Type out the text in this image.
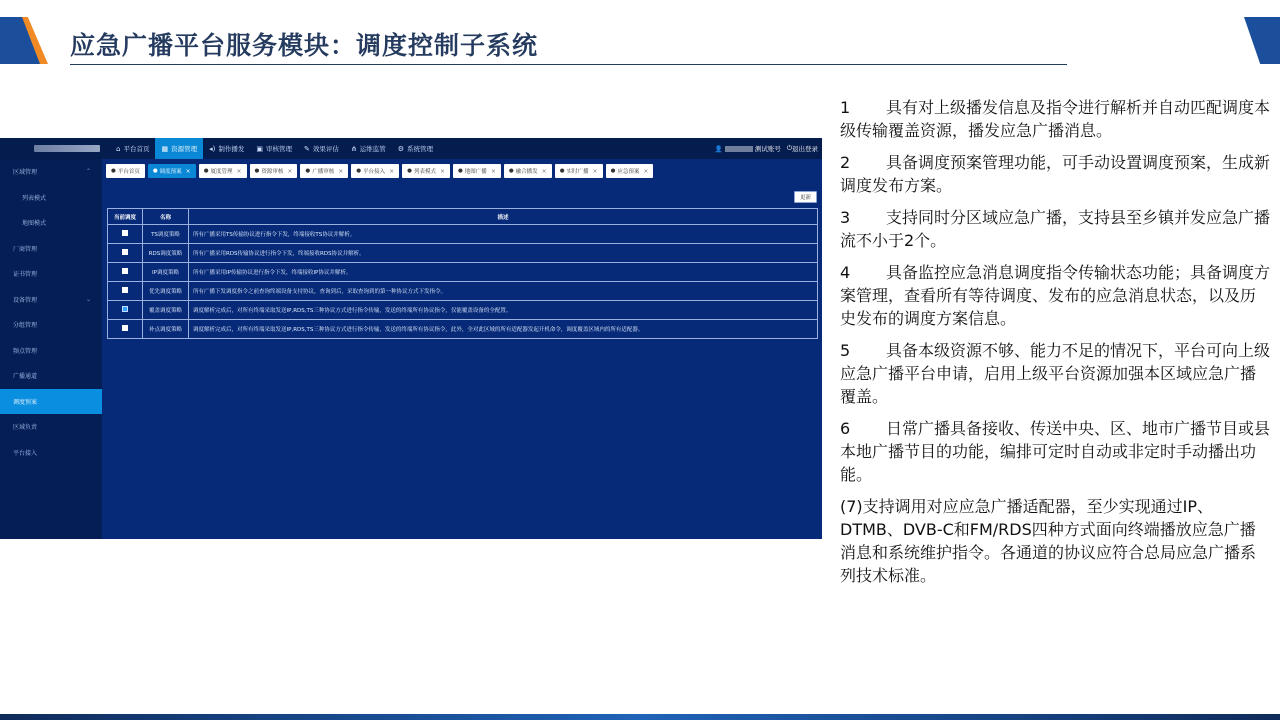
应急广播平台服务模块：调度控制子系统
⌂ 平台首页 ▦ 资源管理 ◂) 制作播发 ▣ 审核管理 ✎ 效果评估 ⋔ 运维监管 ⚙ 系统管理	👤	测试账号 ⏻ 退出登录
区域管理	⌃
列表模式
地图模式
厂商管理
证书管理
设备管理	⌄
分组管理
频点管理
广播通道
调度预案
区域负责
平台接入
● 平台首页 ● 调度预案 × ● 厦度管理 × ● 资源审核 × ● 广播审核 × ● 平台接入 × ● 列表模式 × ● 地图广播 × ● 融合播发 × ● 实时广播 × ● 应急预案 ×
更新
当前调度	名称	描述
	TS调度策略	所有广播采用TS传输协议进行指令下发，终端接收TS协议并解析。
	RDS调度策略	所有广播采用RDS传输协议进行指令下发，终端接收RDS协议并解析。
	IP调度策略	所有广播采用IP传输协议进行指令下发，终端接收IP协议并解析。
	优先调度策略	所有广播下发调度指令之前查询终端设备支持协议，查询到后，采取查询到的第一种协议方式下发指令。
	覆盖调度策略	调度解析完成后，对所有终端采取发送IP,RDS,TS三种协议方式进行指令传输，发送的终端所有协议指令，仅能覆盖设备的全配置。
	补点调度策略	调度解析完成后，对所有终端采取发送IP,RDS,TS三种协议方式进行指令传输，发送的终端所有协议指令，此外，全对此区域的所有适配器发起开机命令，调度覆盖区域内的所有适配器。
1 具有对上级播发信息及指令进行解析并自动匹配调度本级传输覆盖资源，播发应急广播消息。
2 具备调度预案管理功能，可手动设置调度预案，生成新调度发布方案。
3 支持同时分区域应急广播，支持县至乡镇并发应急广播流不小于2个。
4 具备监控应急消息调度指令传输状态功能；具备调度方案管理，查看所有等待调度、发布的应急消息状态，以及历史发布的调度方案信息。
5 具备本级资源不够、能力不足的情况下，平台可向上级应急广播平台申请，启用上级平台资源加强本区域应急广播覆盖。
6 日常广播具备接收、传送中央、区、地市广播节目或县本地广播节目的功能，编排可定时自动或非定时手动播出功能。
(7)支持调用对应应急广播适配器，至少实现通过IP、DTMB、DVB-C和FM/RDS四种方式面向终端播放应急广播消息和系统维护指令。各通道的协议应符合总局应急广播系列技术标准。
